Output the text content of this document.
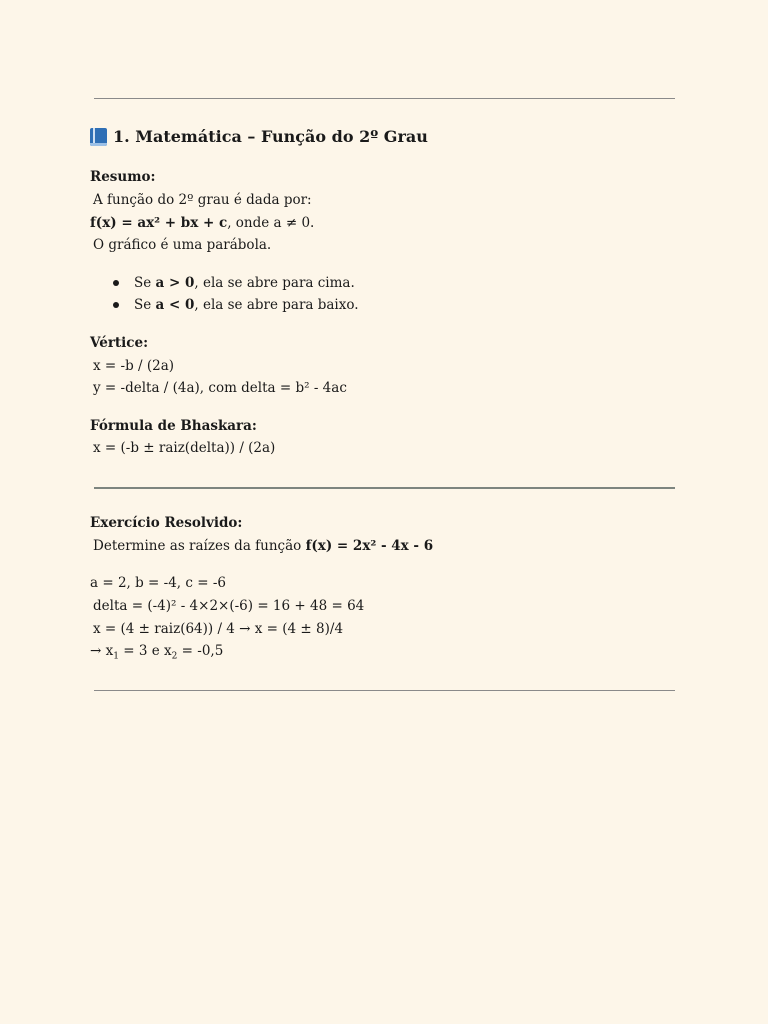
1.
Matemática – Função do 2º Grau
Resumo:
A função do 2º grau é dada por:
f(x) = ax² + bx + c, onde a ≠ 0.
O gráfico é uma parábola.
Se a > 0, ela se abre para cima.
Se a < 0, ela se abre para baixo.
Vértice:
x = -b / (2a)
y = -delta / (4a), com delta = b² - 4ac
Fórmula de Bhaskara:
x = (-b ± raiz(delta)) / (2a)
Exercício Resolvido:
Determine as raízes da função f(x) = 2x² - 4x - 6
a = 2, b = -4, c = -6
delta = (-4)² - 4×2×(-6) = 16 + 48 = 64
x = (4 ± raiz(64)) / 4 → x = (4 ± 8)/4
→ $x_1 = 3$ e $x_2 = -0,5$
